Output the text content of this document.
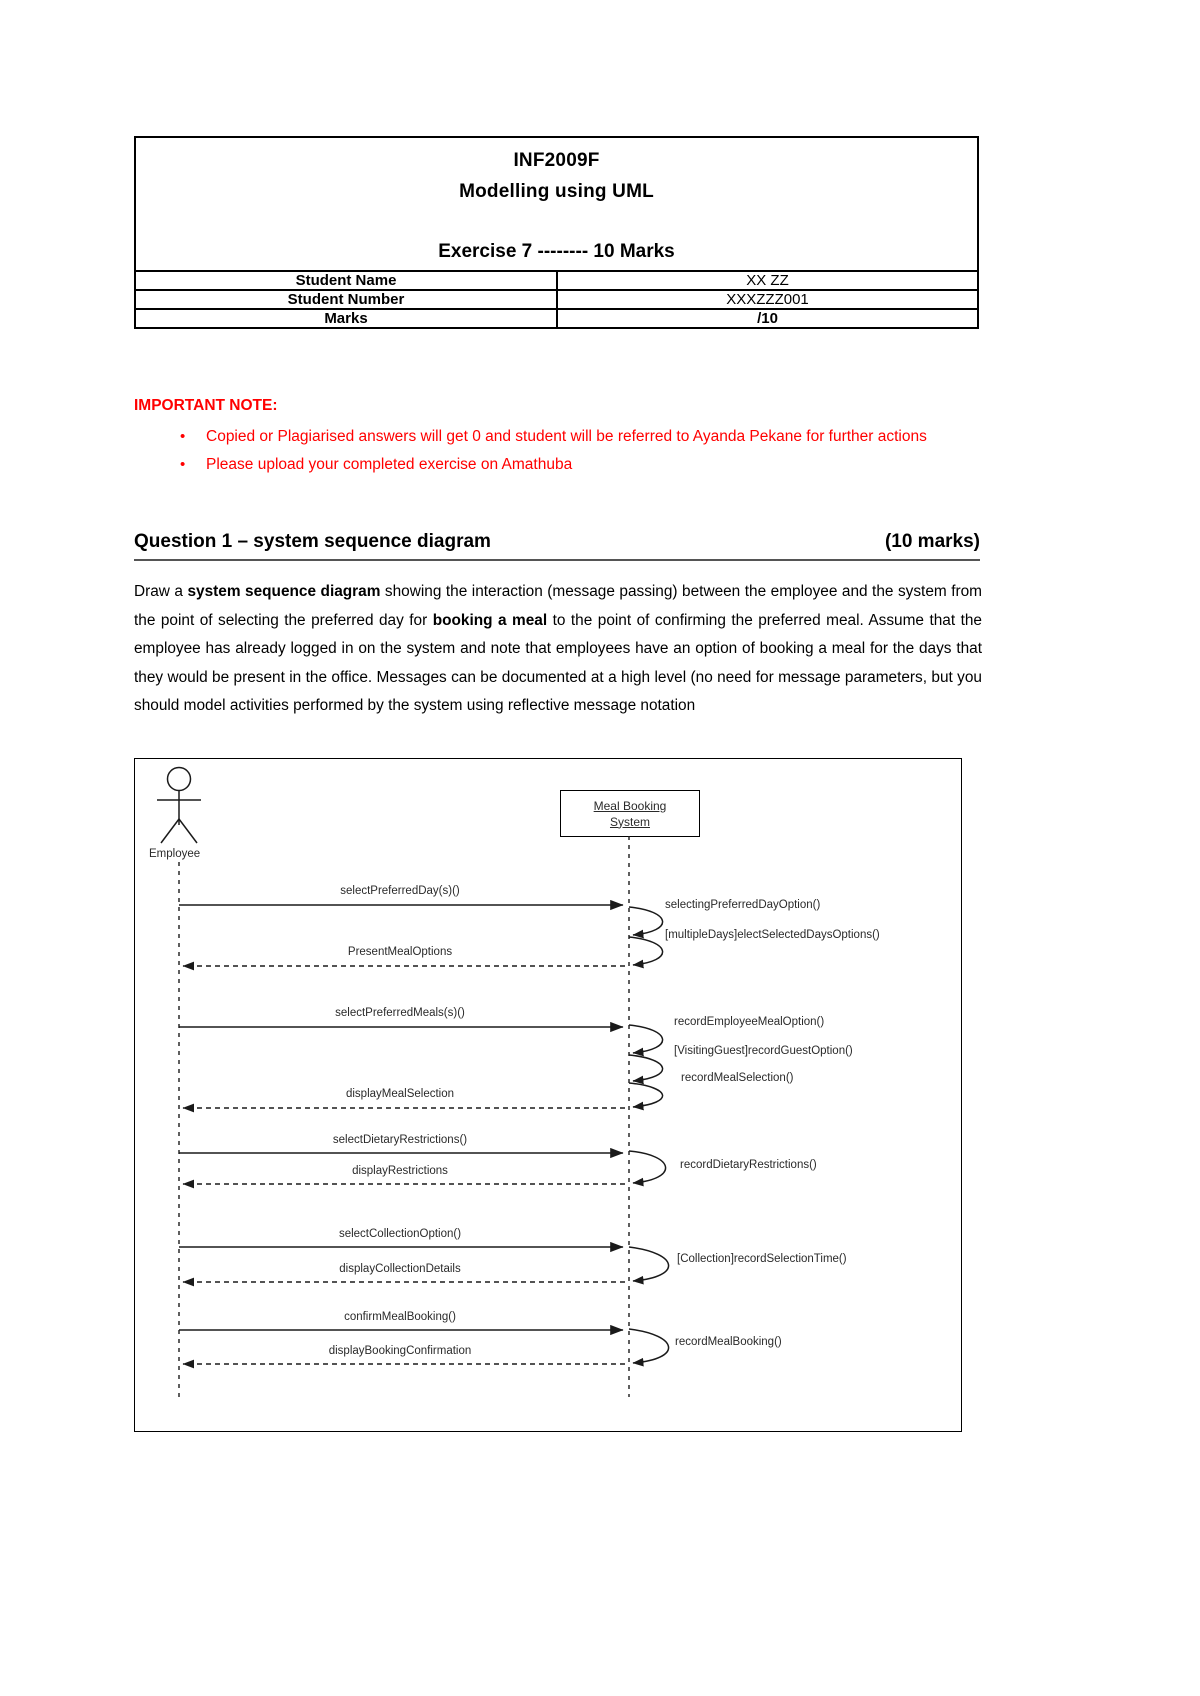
INF2009F
Modelling using UML
Exercise 7 -------- 10 Marks	

Student Name	XX ZZ
Student Number	XXXZZZ001
Marks	/10
IMPORTANT NOTE:
• Copied or Plagiarised answers will get 0 and student will be referred to Ayanda Pekane for further actions
• Please upload your completed exercise on Amathuba
Question 1 – system sequence diagram	(10 marks)
Draw a system sequence diagram showing the interaction (message passing) between the employee and the system from the point of selecting the preferred day for booking a meal to the point of confirming the preferred meal. Assume that the employee has already logged in on the system and note that employees have an option of booking a meal for the days that they would be present in the office. Messages can be documented at a high level (no need for message parameters, but you should model activities performed by the system using reflective message notation
Meal Booking
System
Employee
selectPreferredDay(s)()
selectingPreferredDayOption()
[multipleDays]electSelectedDaysOptions()
PresentMealOptions
selectPreferredMeals(s)()
recordEmployeeMealOption()
[VisitingGuest]recordGuestOption()
recordMealSelection()
displayMealSelection
selectDietaryRestrictions()
recordDietaryRestrictions()
displayRestrictions
selectCollectionOption()
[Collection]recordSelectionTime()
displayCollectionDetails
confirmMealBooking()
recordMealBooking()
displayBookingConfirmation
